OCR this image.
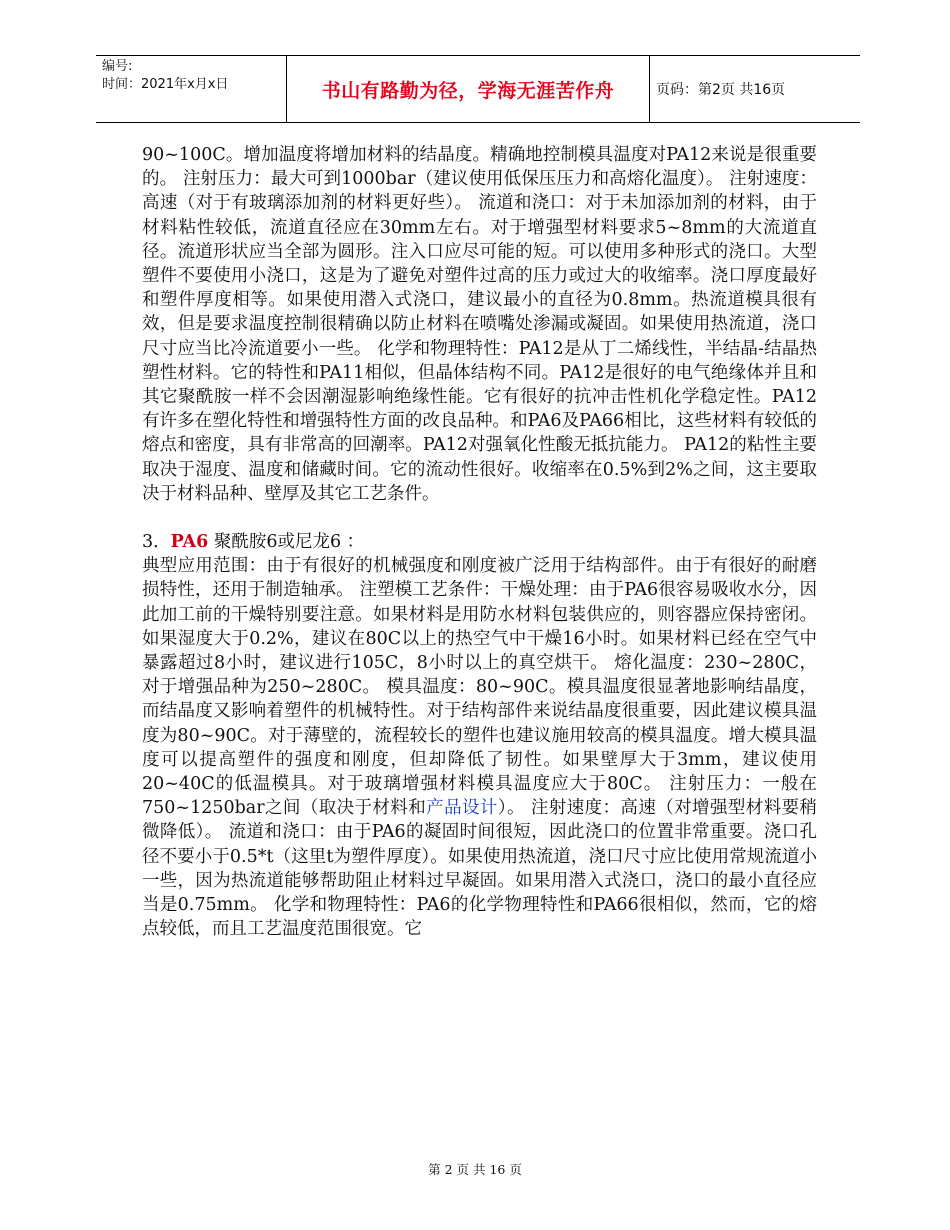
编号:
时间：2021年x月x日	书山有路勤为径，学海无涯苦作舟	页码：第2页 共16页

90~100C。增加温度将增加材料的结晶度。精确地控制模具温度对PA12来说是很重要的。 注射压力：最大可到1000bar（建议使用低保压压力和高熔化温度）。 注射速度：高速（对于有玻璃添加剂的材料更好些）。 流道和浇口：对于未加添加剂的材料，由于材料粘性较低，流道直径应在30mm左右。对于增强型材料要求5~8mm的大流道直径。流道形状应当全部为圆形。注入口应尽可能的短。可以使用多种形式的浇口。大型塑件不要使用小浇口，这是为了避免对塑件过高的压力或过大的收缩率。浇口厚度最好和塑件厚度相等。如果使用潜入式浇口，建议最小的直径为0.8mm。热流道模具很有效，但是要求温度控制很精确以防止材料在喷嘴处渗漏或凝固。如果使用热流道，浇口尺寸应当比冷流道要小一些。 化学和物理特性：PA12是从丁二烯线性，半结晶-结晶热塑性材料。它的特性和PA11相似，但晶体结构不同。PA12是很好的电气绝缘体并且和其它聚酰胺一样不会因潮湿影响绝缘性能。它有很好的抗冲击性机化学稳定性。PA12有许多在塑化特性和增强特性方面的改良品种。和PA6及PA66相比，这些材料有较低的熔点和密度，具有非常高的回潮率。PA12对强氧化性酸无抵抗能力。 PA12的粘性主要取决于湿度、温度和储藏时间。它的流动性很好。收缩率在0.5%到2%之间，这主要取决于材料品种、壁厚及其它工艺条件。

3．PA6 聚酰胺6或尼龙6 ：

典型应用范围：由于有很好的机械强度和刚度被广泛用于结构部件。由于有很好的耐磨损特性，还用于制造轴承。 注塑模工艺条件：干燥处理：由于PA6很容易吸收水分，因此加工前的干燥特别要注意。如果材料是用防水材料包装供应的，则容器应保持密闭。如果湿度大于0.2%，建议在80C以上的热空气中干燥16小时。如果材料已经在空气中暴露超过8小时，建议进行105C，8小时以上的真空烘干。 熔化温度：230~280C，对于增强品种为250~280C。 模具温度：80~90C。模具温度很显著地影响结晶度，而结晶度又影响着塑件的机械特性。对于结构部件来说结晶度很重要，因此建议模具温度为80~90C。对于薄壁的，流程较长的塑件也建议施用较高的模具温度。增大模具温度可以提高塑件的强度和刚度，但却降低了韧性。如果壁厚大于3mm，建议使用20~40C的低温模具。对于玻璃增强材料模具温度应大于80C。 注射压力：一般在750~1250bar之间（取决于材料和产品设计）。 注射速度：高速（对增强型材料要稍微降低）。 流道和浇口：由于PA6的凝固时间很短，因此浇口的位置非常重要。浇口孔径不要小于0.5*t（这里t为塑件厚度）。如果使用热流道，浇口尺寸应比使用常规流道小一些，因为热流道能够帮助阻止材料过早凝固。如果用潜入式浇口，浇口的最小直径应当是0.75mm。 化学和物理特性：PA6的化学物理特性和PA66很相似，然而，它的熔点较低，而且工艺温度范围很宽。它

第 2 页 共 16 页
